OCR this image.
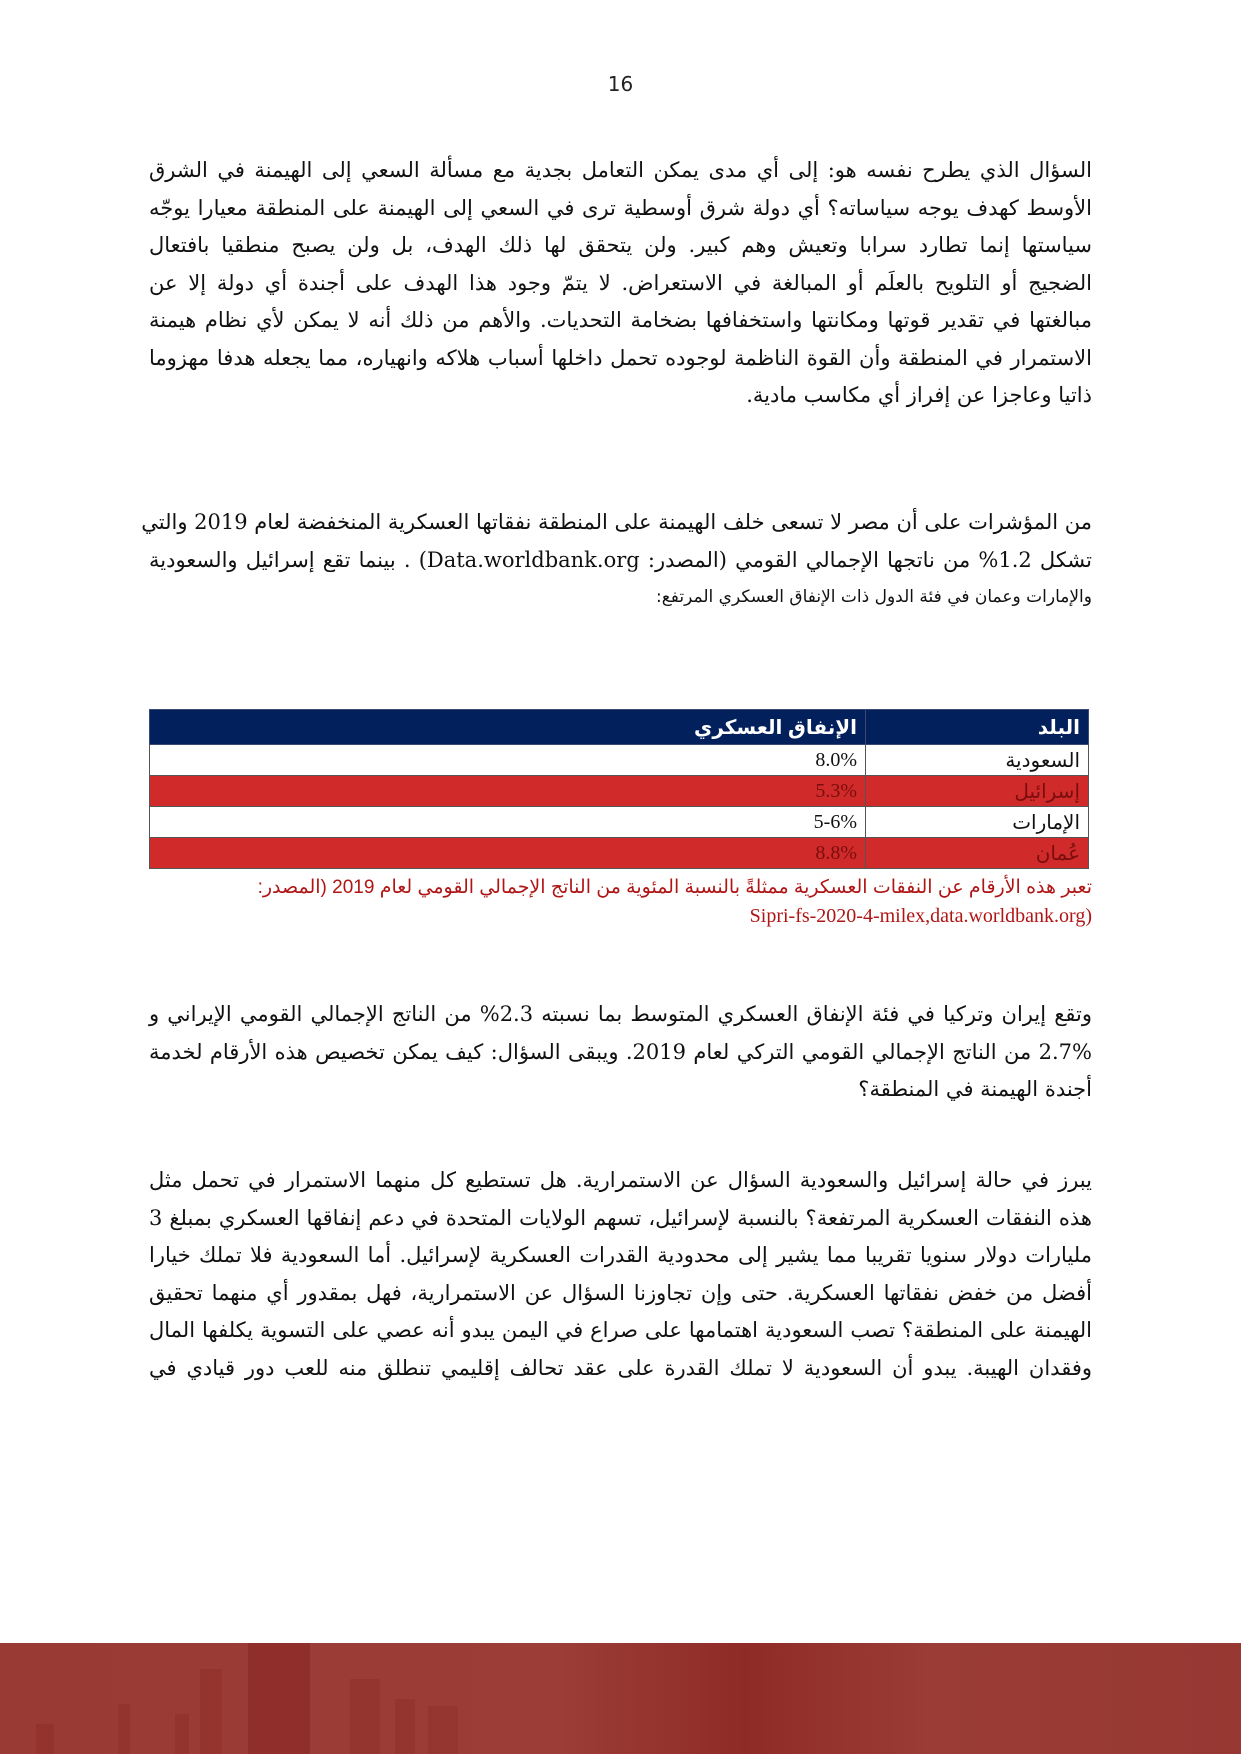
16
السؤال الذي يطرح نفسه هو: إلى أي مدى يمكن التعامل بجدية مع مسألة السعي إلى الهيمنة في الشرق
الأوسط كهدف يوجه سياساته؟ أي دولة شرق أوسطية ترى في السعي إلى الهيمنة على المنطقة معيارا يوجّه
سياستها إنما تطارد سرابا وتعيش وهم كبير. ولن يتحقق لها ذلك الهدف، بل ولن يصبح منطقيا بافتعال
الضجيج أو التلويح بالعلَم أو المبالغة في الاستعراض. لا يتمّ وجود هذا الهدف على أجندة أي دولة إلا عن
مبالغتها في تقدير قوتها ومكانتها واستخفافها بضخامة التحديات. والأهم من ذلك أنه لا يمكن لأي نظام هيمنة
الاستمرار في المنطقة وأن القوة الناظمة لوجوده تحمل داخلها أسباب هلاكه وانهياره، مما يجعله هدفا مهزوما
ذاتيا وعاجزا عن إفراز أي مكاسب مادية.
من المؤشرات على أن مصر لا تسعى خلف الهيمنة على المنطقة نفقاتها العسكرية المنخفضة لعام 2019 والتي
تشكل 1.2% من ناتجها الإجمالي القومي (المصدر: Data.worldbank.org) . بينما تقع إسرائيل والسعودية
والإمارات وعمان في فئة الدول ذات الإنفاق العسكري المرتفع:
البلد	الإنفاق العسكري
السعودية	8.0%
إسرائيل	5.3%
الإمارات	5-6%
عُمان	8.8%
تعبر هذه الأرقام عن النفقات العسكرية ممثلةً بالنسبة المئوية من الناتج الإجمالي القومي لعام 2019 (المصدر:
(Sipri-fs-2020-4-milex,data.worldbank.org
وتقع إيران وتركيا في فئة الإنفاق العسكري المتوسط بما نسبته 2.3% من الناتج الإجمالي القومي الإيراني و
2.7% من الناتج الإجمالي القومي التركي لعام 2019. ويبقى السؤال: كيف يمكن تخصيص هذه الأرقام لخدمة
أجندة الهيمنة في المنطقة؟
يبرز في حالة إسرائيل والسعودية السؤال عن الاستمرارية. هل تستطيع كل منهما الاستمرار في تحمل مثل
هذه النفقات العسكرية المرتفعة؟ بالنسبة لإسرائيل، تسهم الولايات المتحدة في دعم إنفاقها العسكري بمبلغ 3
مليارات دولار سنويا تقريبا مما يشير إلى محدودية القدرات العسكرية لإسرائيل. أما السعودية فلا تملك خيارا
أفضل من خفض نفقاتها العسكرية. حتى وإن تجاوزنا السؤال عن الاستمرارية، فهل بمقدور أي منهما تحقيق
الهيمنة على المنطقة؟ تصب السعودية اهتمامها على صراع في اليمن يبدو أنه عصي على التسوية يكلفها المال
وفقدان الهيبة. يبدو أن السعودية لا تملك القدرة على عقد تحالف إقليمي تنطلق منه للعب دور قيادي في
